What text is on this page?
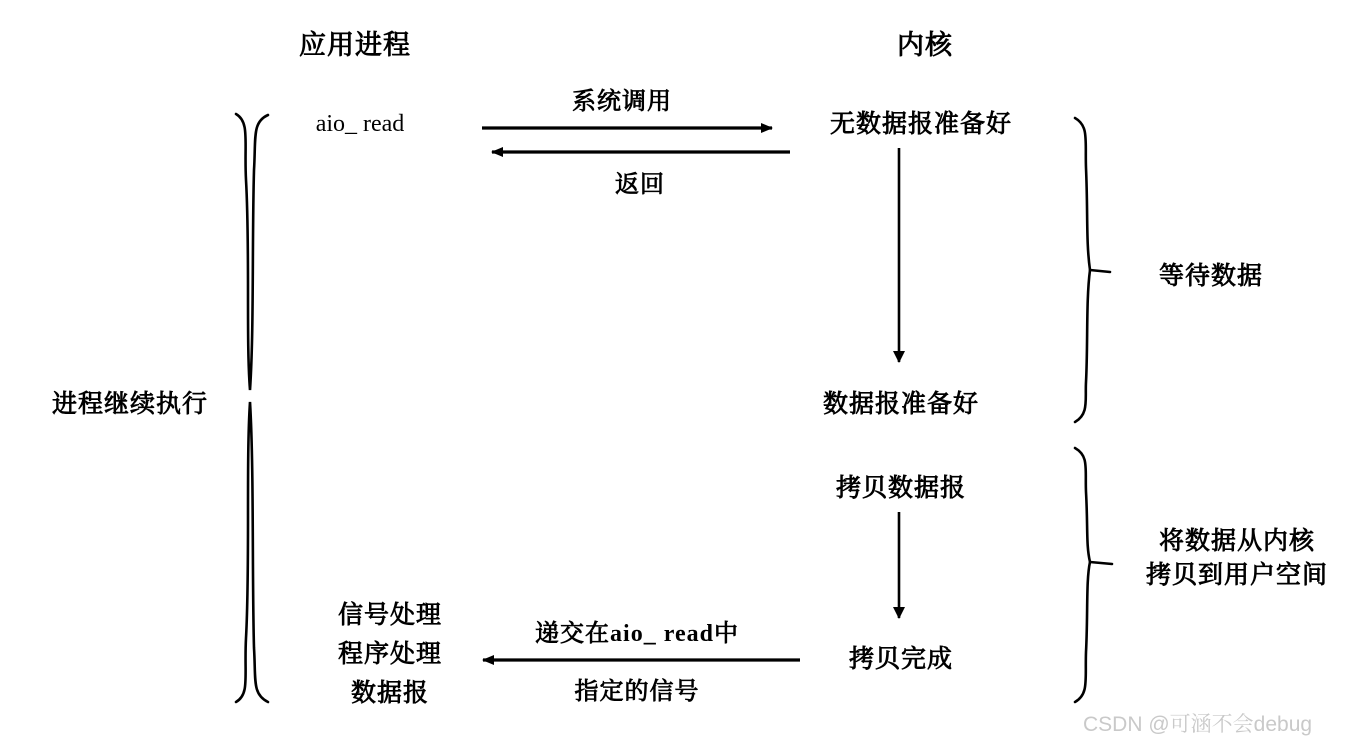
应用进程	内核
aio_ read
信号处理
程序处理
数据报
无数据报准备好
数据报准备好
拷贝数据报
拷贝完成
系统调用
返回
递交在aio_ read中
指定的信号
进程继续执行
等待数据
将数据从内核
拷贝到用户空间
CSDN @可涵不会debug
